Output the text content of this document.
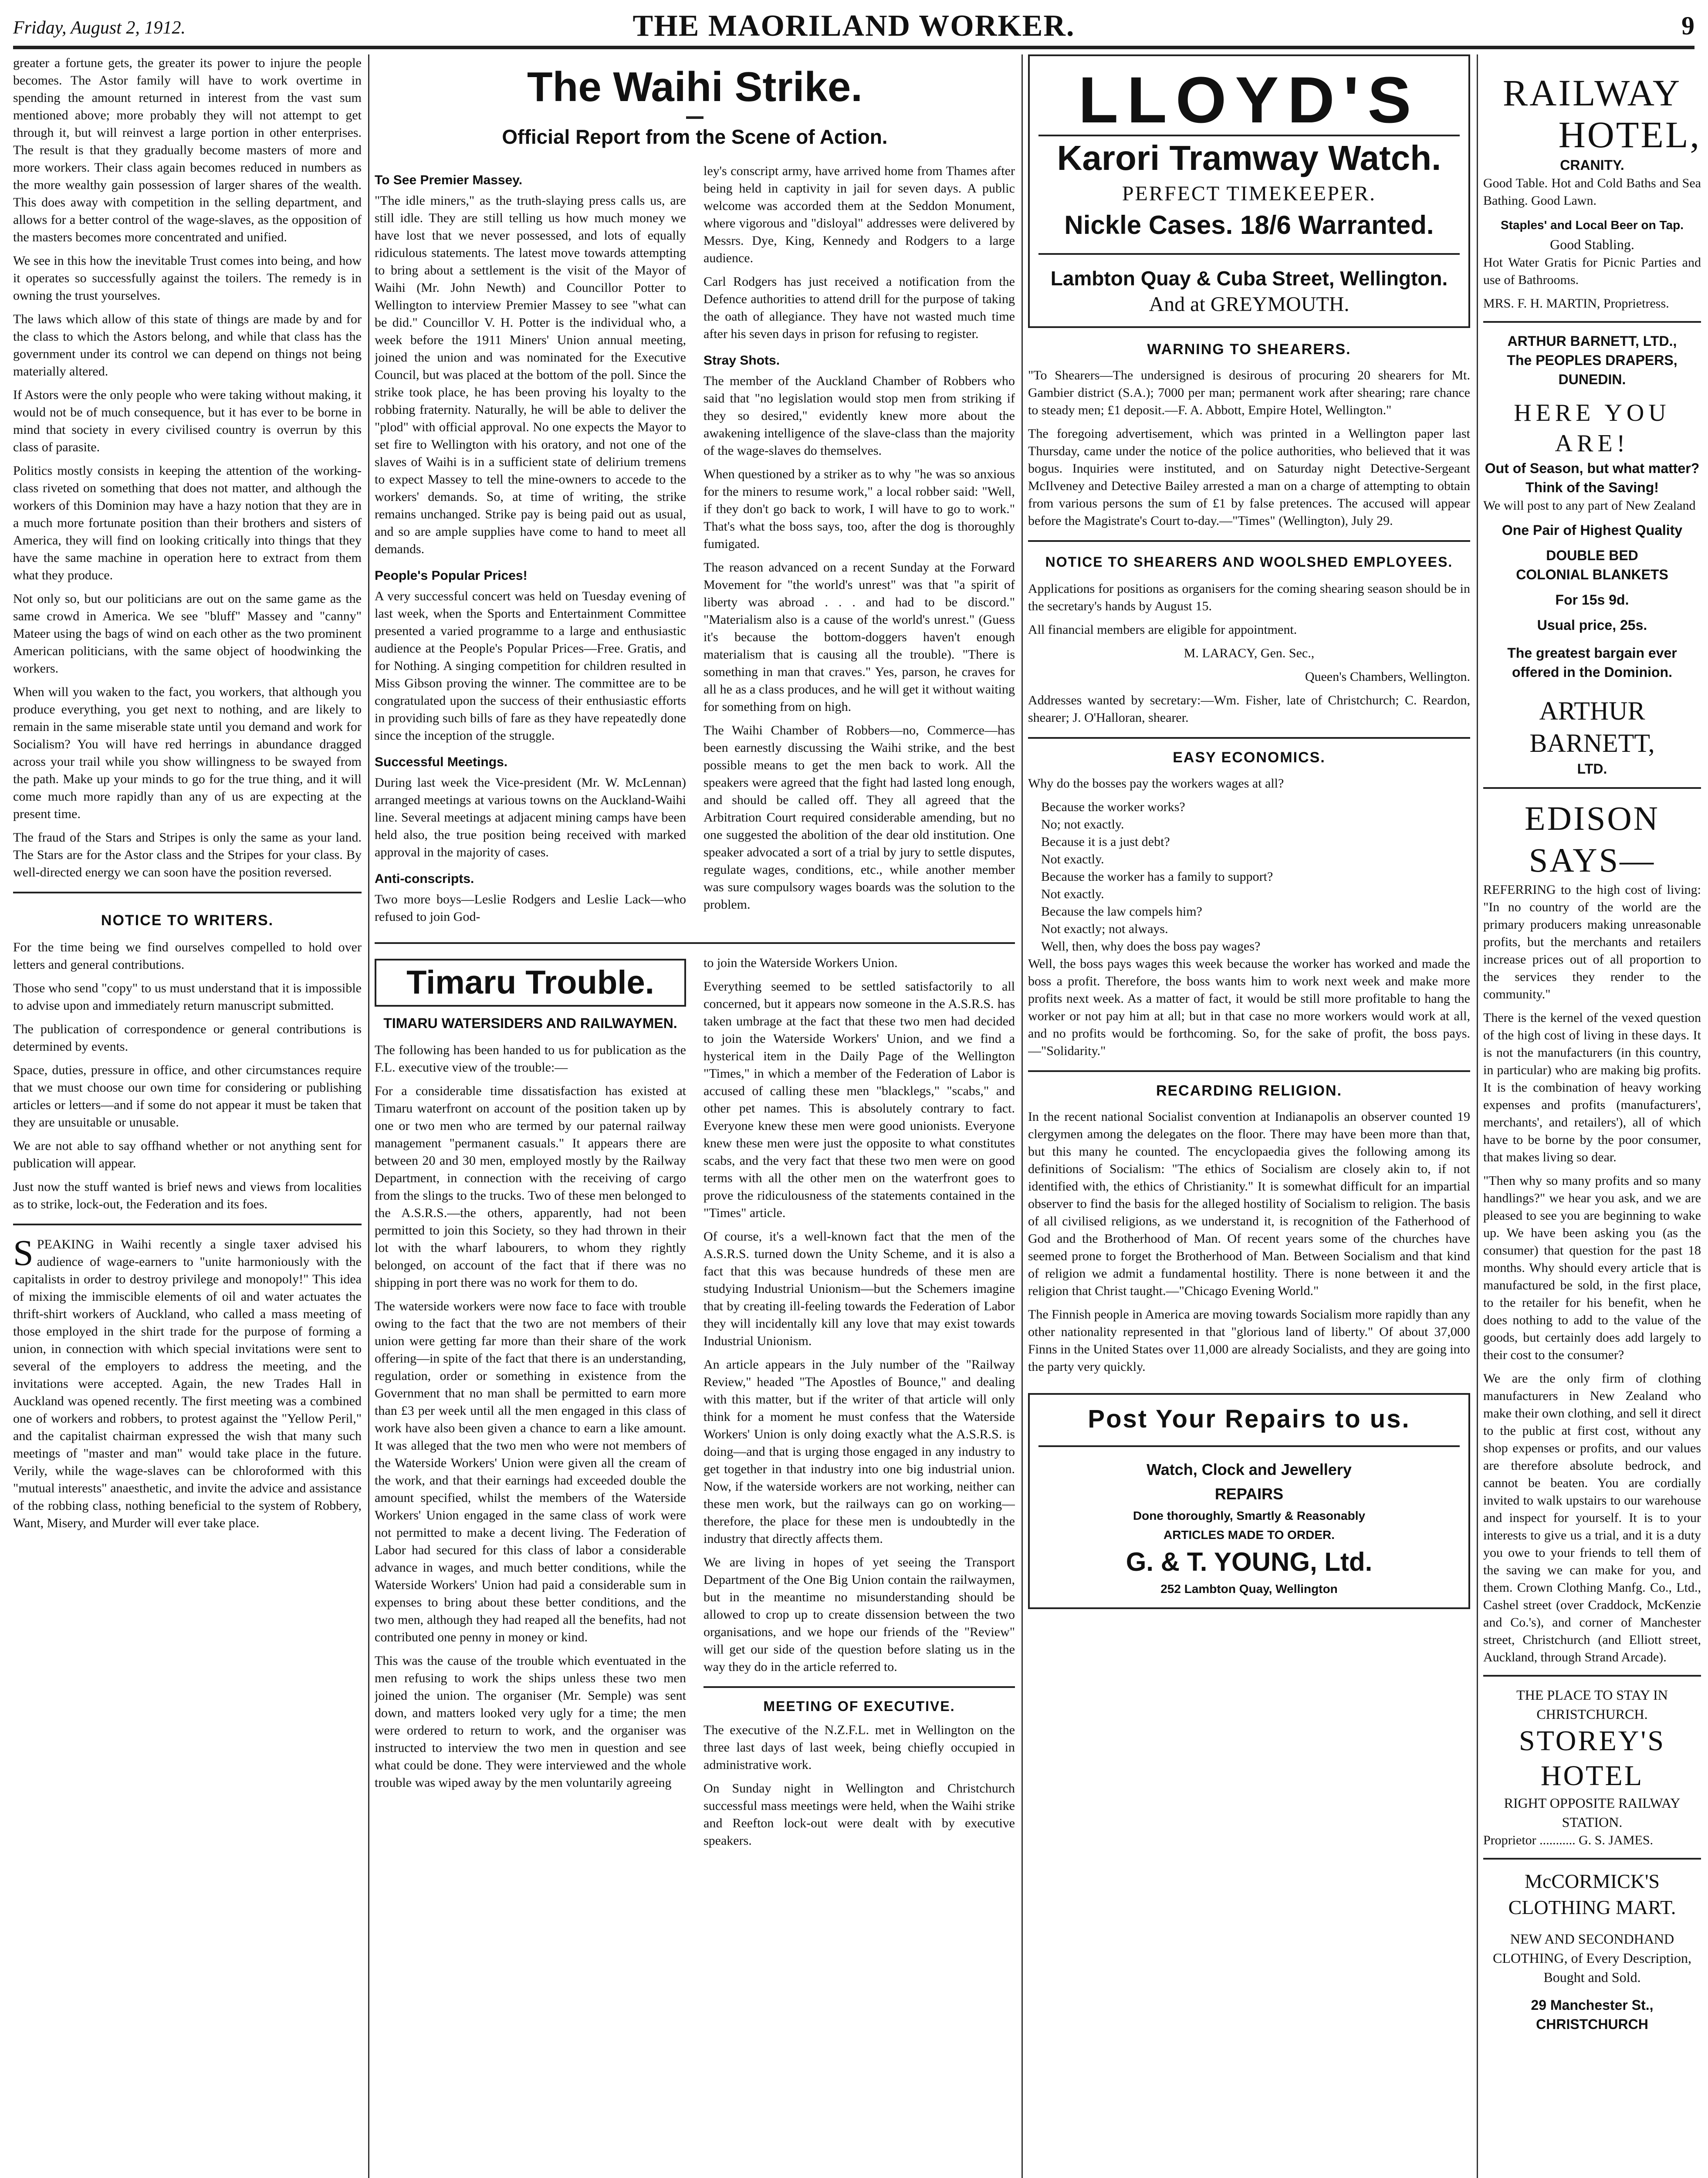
Friday, August 2, 1912.	THE MAORILAND WORKER.	9

greater a fortune gets, the greater its power to injure the people becomes. The Astor family will have to work overtime in spending the amount returned in interest from the vast sum mentioned above; more probably they will not attempt to get through it, but will reinvest a large portion in other enterprises. The result is that they gradually become masters of more and more workers. Their class again becomes reduced in numbers as the more wealthy gain possession of larger shares of the wealth. This does away with competition in the selling department, and allows for a better control of the wage-slaves, as the opposition of the masters becomes more concentrated and unified.

We see in this how the inevitable Trust comes into being, and how it operates so successfully against the toilers. The remedy is in owning the trust yourselves.

The laws which allow of this state of things are made by and for the class to which the Astors belong, and while that class has the government under its control we can depend on things not being materially altered.

If Astors were the only people who were taking without making, it would not be of much consequence, but it has ever to be borne in mind that society in every civilised country is overrun by this class of parasite.

Politics mostly consists in keeping the attention of the working-class riveted on something that does not matter, and although the workers of this Dominion may have a hazy notion that they are in a much more fortunate position than their brothers and sisters of America, they will find on looking critically into things that they have the same machine in operation here to extract from them what they produce.

Not only so, but our politicians are out on the same game as the same crowd in America. We see "bluff" Massey and "canny" Mateer using the bags of wind on each other as the two prominent American politicians, with the same object of hoodwinking the workers.

When will you waken to the fact, you workers, that although you produce everything, you get next to nothing, and are likely to remain in the same miserable state until you demand and work for Socialism? You will have red herrings in abundance dragged across your trail while you show willingness to be swayed from the path. Make up your minds to go for the true thing, and it will come much more rapidly than any of us are expecting at the present time.

The fraud of the Stars and Stripes is only the same as your land. The Stars are for the Astor class and the Stripes for your class. By well-directed energy we can soon have the position reversed.

NOTICE TO WRITERS.

For the time being we find ourselves compelled to hold over letters and general contributions.

Those who send "copy" to us must understand that it is impossible to advise upon and immediately return manuscript submitted.

The publication of correspondence or general contributions is determined by events.

Space, duties, pressure in office, and other circumstances require that we must choose our own time for considering or publishing articles or letters—and if some do not appear it must be taken that they are unsuitable or unusable.

We are not able to say offhand whether or not anything sent for publication will appear.

Just now the stuff wanted is brief news and views from localities as to strike, lock-out, the Federation and its foes.

SPEAKING in Waihi recently a single taxer advised his audience of wage-earners to "unite harmoniously with the capitalists in order to destroy privilege and monopoly!" This idea of mixing the immiscible elements of oil and water actuates the thrift-shirt workers of Auckland, who called a mass meeting of those employed in the shirt trade for the purpose of forming a union, in connection with which special invitations were sent to several of the employers to address the meeting, and the invitations were accepted. Again, the new Trades Hall in Auckland was opened recently. The first meeting was a combined one of workers and robbers, to protest against the "Yellow Peril," and the capitalist chairman expressed the wish that many such meetings of "master and man" would take place in the future. Verily, while the wage-slaves can be chloroformed with this "mutual interests" anaesthetic, and invite the advice and assistance of the robbing class, nothing beneficial to the system of Robbery, Want, Misery, and Murder will ever take place.

The Waihi Strike.
Official Report from the Scene of Action.
To See Premier Massey.

"The idle miners," as the truth-slaying press calls us, are still idle. They are still telling us how much money we have lost that we never possessed, and lots of equally ridiculous statements. The latest move towards attempting to bring about a settlement is the visit of the Mayor of Waihi (Mr. John Newth) and Councillor Potter to Wellington to interview Premier Massey to see "what can be did." Councillor V. H. Potter is the individual who, a week before the 1911 Miners' Union annual meeting, joined the union and was nominated for the Executive Council, but was placed at the bottom of the poll. Since the strike took place, he has been proving his loyalty to the robbing fraternity. Naturally, he will be able to deliver the "plod" with official approval. No one expects the Mayor to set fire to Wellington with his oratory, and not one of the slaves of Waihi is in a sufficient state of delirium tremens to expect Massey to tell the mine-owners to accede to the workers' demands. So, at time of writing, the strike remains unchanged. Strike pay is being paid out as usual, and so are ample supplies have come to hand to meet all demands.

People's Popular Prices!

A very successful concert was held on Tuesday evening of last week, when the Sports and Entertainment Committee presented a varied programme to a large and enthusiastic audience at the People's Popular Prices—Free. Gratis, and for Nothing. A singing competition for children resulted in Miss Gibson proving the winner. The committee are to be congratulated upon the success of their enthusiastic efforts in providing such bills of fare as they have repeatedly done since the inception of the struggle.

Successful Meetings.

During last week the Vice-president (Mr. W. McLennan) arranged meetings at various towns on the Auckland-Waihi line. Several meetings at adjacent mining camps have been held also, the true position being received with marked approval in the majority of cases.

Anti-conscripts.

Two more boys—Leslie Rodgers and Leslie Lack—who refused to join God-

ley's conscript army, have arrived home from Thames after being held in captivity in jail for seven days. A public welcome was accorded them at the Seddon Monument, where vigorous and "disloyal" addresses were delivered by Messrs. Dye, King, Kennedy and Rodgers to a large audience.

Carl Rodgers has just received a notification from the Defence authorities to attend drill for the purpose of taking the oath of allegiance. They have not wasted much time after his seven days in prison for refusing to register.

Stray Shots.

The member of the Auckland Chamber of Robbers who said that "no legislation would stop men from striking if they so desired," evidently knew more about the awakening intelligence of the slave-class than the majority of the wage-slaves do themselves.

When questioned by a striker as to why "he was so anxious for the miners to resume work," a local robber said: "Well, if they don't go back to work, I will have to go to work." That's what the boss says, too, after the dog is thoroughly fumigated.

The reason advanced on a recent Sunday at the Forward Movement for "the world's unrest" was that "a spirit of liberty was abroad . . . and had to be discord." "Materialism also is a cause of the world's unrest." (Guess it's because the bottom-doggers haven't enough materialism that is causing all the trouble). "There is something in man that craves." Yes, parson, he craves for all he as a class produces, and he will get it without waiting for something from on high.

The Waihi Chamber of Robbers—no, Commerce—has been earnestly discussing the Waihi strike, and the best possible means to get the men back to work. All the speakers were agreed that the fight had lasted long enough, and should be called off. They all agreed that the Arbitration Court required considerable amending, but no one suggested the abolition of the dear old institution. One speaker advocated a sort of a trial by jury to settle disputes, regulate wages, conditions, etc., while another member was sure compulsory wages boards was the solution to the problem.

Timaru Trouble.
TIMARU WATERSIDERS AND RAILWAYMEN.

The following has been handed to us for publication as the F.L. executive view of the trouble:—

For a considerable time dissatisfaction has existed at Timaru waterfront on account of the position taken up by one or two men who are termed by our paternal railway management "permanent casuals." It appears there are between 20 and 30 men, employed mostly by the Railway Department, in connection with the receiving of cargo from the slings to the trucks. Two of these men belonged to the A.S.R.S.—the others, apparently, had not been permitted to join this Society, so they had thrown in their lot with the wharf labourers, to whom they rightly belonged, on account of the fact that if there was no shipping in port there was no work for them to do.

The waterside workers were now face to face with trouble owing to the fact that the two are not members of their union were getting far more than their share of the work offering—in spite of the fact that there is an understanding, regulation, order or something in existence from the Government that no man shall be permitted to earn more than £3 per week until all the men engaged in this class of work have also been given a chance to earn a like amount. It was alleged that the two men who were not members of the Waterside Workers' Union were given all the cream of the work, and that their earnings had exceeded double the amount specified, whilst the members of the Waterside Workers' Union engaged in the same class of work were not permitted to make a decent living. The Federation of Labor had secured for this class of labor a considerable advance in wages, and much better conditions, while the Waterside Workers' Union had paid a considerable sum in expenses to bring about these better conditions, and the two men, although they had reaped all the benefits, had not contributed one penny in money or kind.

This was the cause of the trouble which eventuated in the men refusing to work the ships unless these two men joined the union. The organiser (Mr. Semple) was sent down, and matters looked very ugly for a time; the men were ordered to return to work, and the organiser was instructed to interview the two men in question and see what could be done. They were interviewed and the whole trouble was wiped away by the men voluntarily agreeing

to join the Waterside Workers Union.

Everything seemed to be settled satisfactorily to all concerned, but it appears now someone in the A.S.R.S. has taken umbrage at the fact that these two men had decided to join the Waterside Workers' Union, and we find a hysterical item in the Daily Page of the Wellington "Times," in which a member of the Federation of Labor is accused of calling these men "blacklegs," "scabs," and other pet names. This is absolutely contrary to fact. Everyone knew these men were good unionists. Everyone knew these men were just the opposite to what constitutes scabs, and the very fact that these two men were on good terms with all the other men on the waterfront goes to prove the ridiculousness of the statements contained in the "Times" article.

Of course, it's a well-known fact that the men of the A.S.R.S. turned down the Unity Scheme, and it is also a fact that this was because hundreds of these men are studying Industrial Unionism—but the Schemers imagine that by creating ill-feeling towards the Federation of Labor they will incidentally kill any love that may exist towards Industrial Unionism.

An article appears in the July number of the "Railway Review," headed "The Apostles of Bounce," and dealing with this matter, but if the writer of that article will only think for a moment he must confess that the Waterside Workers' Union is only doing exactly what the A.S.R.S. is doing—and that is urging those engaged in any industry to get together in that industry into one big industrial union. Now, if the waterside workers are not working, neither can these men work, but the railways can go on working—therefore, the place for these men is undoubtedly in the industry that directly affects them.

We are living in hopes of yet seeing the Transport Department of the One Big Union contain the railwaymen, but in the meantime no misunderstanding should be allowed to crop up to create dissension between the two organisations, and we hope our friends of the "Review" will get our side of the question before slating us in the way they do in the article referred to.

MEETING OF EXECUTIVE.

The executive of the N.Z.F.L. met in Wellington on the three last days of last week, being chiefly occupied in administrative work.

On Sunday night in Wellington and Christchurch successful mass meetings were held, when the Waihi strike and Reefton lock-out were dealt with by executive speakers.

LLOYD'S
Karori Tramway Watch.
PERFECT TIMEKEEPER.
Nickle Cases. 18/6 Warranted.
Lambton Quay & Cuba Street, Wellington.
And at GREYMOUTH.
WARNING TO SHEARERS.

"To Shearers—The undersigned is desirous of procuring 20 shearers for Mt. Gambier district (S.A.); 7000 per man; permanent work after shearing; rare chance to steady men; £1 deposit.—F. A. Abbott, Empire Hotel, Wellington."

The foregoing advertisement, which was printed in a Wellington paper last Thursday, came under the notice of the police authorities, who believed that it was bogus. Inquiries were instituted, and on Saturday night Detective-Sergeant McIlveney and Detective Bailey arrested a man on a charge of attempting to obtain from various persons the sum of £1 by false pretences. The accused will appear before the Magistrate's Court to-day.—"Times" (Wellington), July 29.

NOTICE TO SHEARERS AND WOOLSHED EMPLOYEES.

Applications for positions as organisers for the coming shearing season should be in the secretary's hands by August 15.

All financial members are eligible for appointment.

M. LARACY, Gen. Sec.,

Queen's Chambers, Wellington.

Addresses wanted by secretary:—Wm. Fisher, late of Christchurch; C. Reardon, shearer; J. O'Halloran, shearer.

EASY ECONOMICS.

Why do the bosses pay the workers wages at all?

Because the worker works?

No; not exactly.

Because it is a just debt?

Not exactly.

Because the worker has a family to support?

Not exactly.

Because the law compels him?

Not exactly; not always.

Well, then, why does the boss pay wages?

Well, the boss pays wages this week because the worker has worked and made the boss a profit. Therefore, the boss wants him to work next week and make more profits next week. As a matter of fact, it would be still more profitable to hang the worker or not pay him at all; but in that case no more workers would work at all, and no profits would be forthcoming. So, for the sake of profit, the boss pays.—"Solidarity."

RECARDING RELIGION.

In the recent national Socialist convention at Indianapolis an observer counted 19 clergymen among the delegates on the floor. There may have been more than that, but this many he counted. The encyclopaedia gives the following among its definitions of Socialism: "The ethics of Socialism are closely akin to, if not identified with, the ethics of Christianity." It is somewhat difficult for an impartial observer to find the basis for the alleged hostility of Socialism to religion. The basis of all civilised religions, as we understand it, is recognition of the Fatherhood of God and the Brotherhood of Man. Of recent years some of the churches have seemed prone to forget the Brotherhood of Man. Between Socialism and that kind of religion we admit a fundamental hostility. There is none between it and the religion that Christ taught.—"Chicago Evening World."

The Finnish people in America are moving towards Socialism more rapidly than any other nationality represented in that "glorious land of liberty." Of about 37,000 Finns in the United States over 11,000 are already Socialists, and they are going into the party very quickly.

Post Your Repairs to us.
Watch, Clock and Jewellery
REPAIRS
Done thoroughly, Smartly & Reasonably
ARTICLES MADE TO ORDER.
G. & T. YOUNG, Ltd.
252 Lambton Quay, Wellington
RAILWAY
HOTEL,
CRANITY.

Good Table. Hot and Cold Baths and Sea Bathing. Good Lawn.

Staples' and Local Beer on Tap.
Good Stabling.

Hot Water Gratis for Picnic Parties and use of Bathrooms.

MRS. F. H. MARTIN, Proprietress.

ARTHUR BARNETT, LTD.,
The PEOPLES DRAPERS, DUNEDIN.
HERE YOU ARE!
Out of Season, but what matter?
Think of the Saving!

We will post to any part of New Zealand

One Pair of Highest Quality
DOUBLE BED
COLONIAL BLANKETS
For 15s 9d.
Usual price, 25s.
The greatest bargain ever offered in the Dominion.
ARTHUR BARNETT,
LTD.
EDISON SAYS—

REFERRING to the high cost of living: "In no country of the world are the primary producers making unreasonable profits, but the merchants and retailers increase prices out of all proportion to the services they render to the community."

There is the kernel of the vexed question of the high cost of living in these days. It is not the manufacturers (in this country, in particular) who are making big profits. It is the combination of heavy working expenses and profits (manufacturers', merchants', and retailers'), all of which have to be borne by the poor consumer, that makes living so dear.

"Then why so many profits and so many handlings?" we hear you ask, and we are pleased to see you are beginning to wake up. We have been asking you (as the consumer) that question for the past 18 months. Why should every article that is manufactured be sold, in the first place, to the retailer for his benefit, when he does nothing to add to the value of the goods, but certainly does add largely to their cost to the consumer?

We are the only firm of clothing manufacturers in New Zealand who make their own clothing, and sell it direct to the public at first cost, without any shop expenses or profits, and our values are therefore absolute bedrock, and cannot be beaten. You are cordially invited to walk upstairs to our warehouse and inspect for yourself. It is to your interests to give us a trial, and it is a duty you owe to your friends to tell them of the saving we can make for you, and them. Crown Clothing Manfg. Co., Ltd., Cashel street (over Craddock, McKenzie and Co.'s), and corner of Manchester street, Christchurch (and Elliott street, Auckland, through Strand Arcade).

THE PLACE TO STAY IN CHRISTCHURCH.
STOREY'S HOTEL
RIGHT OPPOSITE RAILWAY STATION.

Proprietor ........... G. S. JAMES.

McCORMICK'S CLOTHING MART.
NEW AND SECONDHAND CLOTHING, of Every Description, Bought and Sold.
29 Manchester St., CHRISTCHURCH
